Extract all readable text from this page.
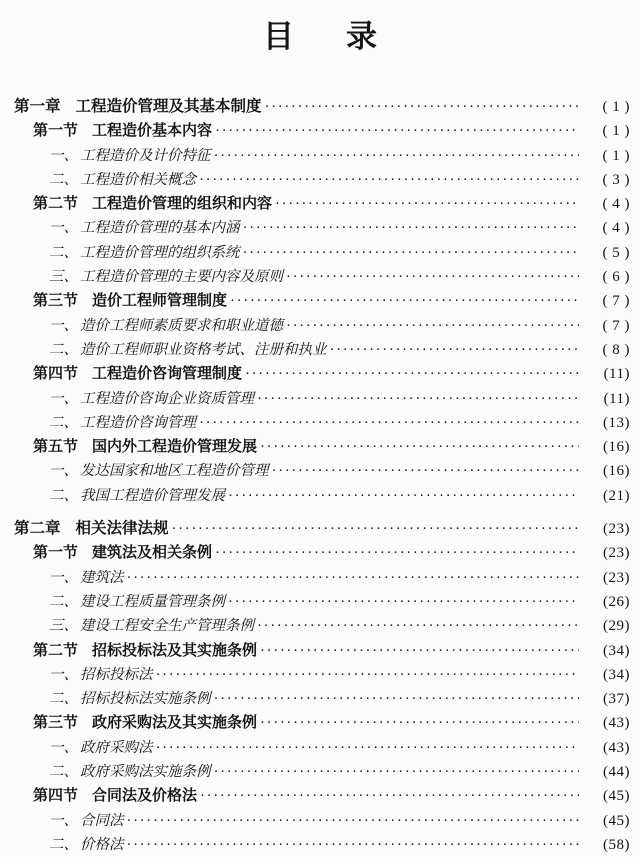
目 录
第一章 工程造价管理及其基本制度 ·····	( 1 )
第一节 工程造价基本内容 ·····	( 1 )
一、 工程造价及计价特征 ·····	( 1 )
二、 工程造价相关概念 ·····	( 3 )
第二节 工程造价管理的组织和内容 ·····	( 4 )
一、 工程造价管理的基本内涵 ·····	( 4 )
二、 工程造价管理的组织系统 ·····	( 5 )
三、 工程造价管理的主要内容及原则 ·····	( 6 )
第三节 造价工程师管理制度 ·····	( 7 )
一、 造价工程师素质要求和职业道德 ·····	( 7 )
二、 造价工程师职业资格考试、注册和执业 ·····	( 8 )
第四节 工程造价咨询管理制度 ·····	(11)
一、 工程造价咨询企业资质管理 ·····	(11)
二、 工程造价咨询管理 ·····	(13)
第五节 国内外工程造价管理发展 ·····	(16)
一、 发达国家和地区工程造价管理 ·····	(16)
二、 我国工程造价管理发展 ·····	(21)
第二章 相关法律法规 ·····	(23)
第一节 建筑法及相关条例 ·····	(23)
一、 建筑法 ·····	(23)
二、 建设工程质量管理条例 ·····	(26)
三、 建设工程安全生产管理条例 ·····	(29)
第二节 招标投标法及其实施条例 ·····	(34)
一、 招标投标法 ·····	(34)
二、 招标投标法实施条例 ·····	(37)
第三节 政府采购法及其实施条例 ·····	(43)
一、 政府采购法 ·····	(43)
二、 政府采购法实施条例 ·····	(44)
第四节 合同法及价格法 ·····	(45)
一、 合同法 ·····	(45)
二、 价格法 ·····	(58)
